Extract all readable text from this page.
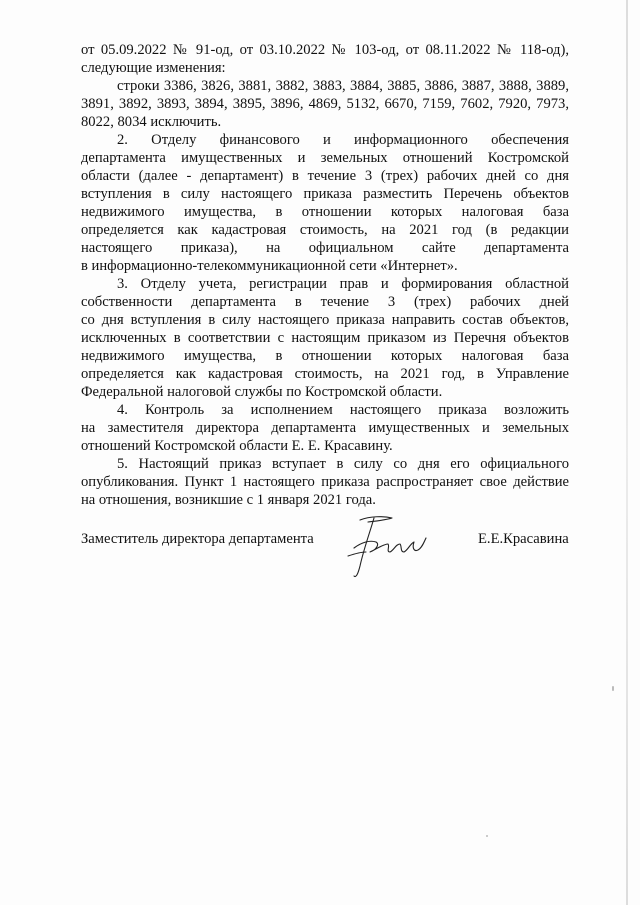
от 05.09.2022 № 91-од, от 03.10.2022 № 103-од, от 08.11.2022 № 118-од),
следующие изменения:
строки 3386, 3826, 3881, 3882, 3883, 3884, 3885, 3886, 3887, 3888, 3889,
3891, 3892, 3893, 3894, 3895, 3896, 4869, 5132, 6670, 7159, 7602, 7920, 7973,
8022, 8034 исключить.
2. Отделу финансового и информационного обеспечения
департамента имущественных и земельных отношений Костромской
области (далее - департамент) в течение 3 (трех) рабочих дней со дня
вступления в силу настоящего приказа разместить Перечень объектов
недвижимого имущества, в отношении которых налоговая база
определяется как кадастровая стоимость, на 2021 год (в редакции
настоящего приказа), на официальном сайте департамента
в информационно-телекоммуникационной сети «Интернет».
3. Отделу учета, регистрации прав и формирования областной
собственности департамента в течение 3 (трех) рабочих дней
со дня вступления в силу настоящего приказа направить состав объектов,
исключенных в соответствии с настоящим приказом из Перечня объектов
недвижимого имущества, в отношении которых налоговая база
определяется как кадастровая стоимость, на 2021 год, в Управление
Федеральной налоговой службы по Костромской области.
4. Контроль за исполнением настоящего приказа возложить
на заместителя директора департамента имущественных и земельных
отношений Костромской области Е. Е. Красавину.
5. Настоящий приказ вступает в силу со дня его официального
опубликования. Пункт 1 настоящего приказа распространяет свое действие
на отношения, возникшие с 1 января 2021 года.
Заместитель директора департамента	Е.Е.Красавина
